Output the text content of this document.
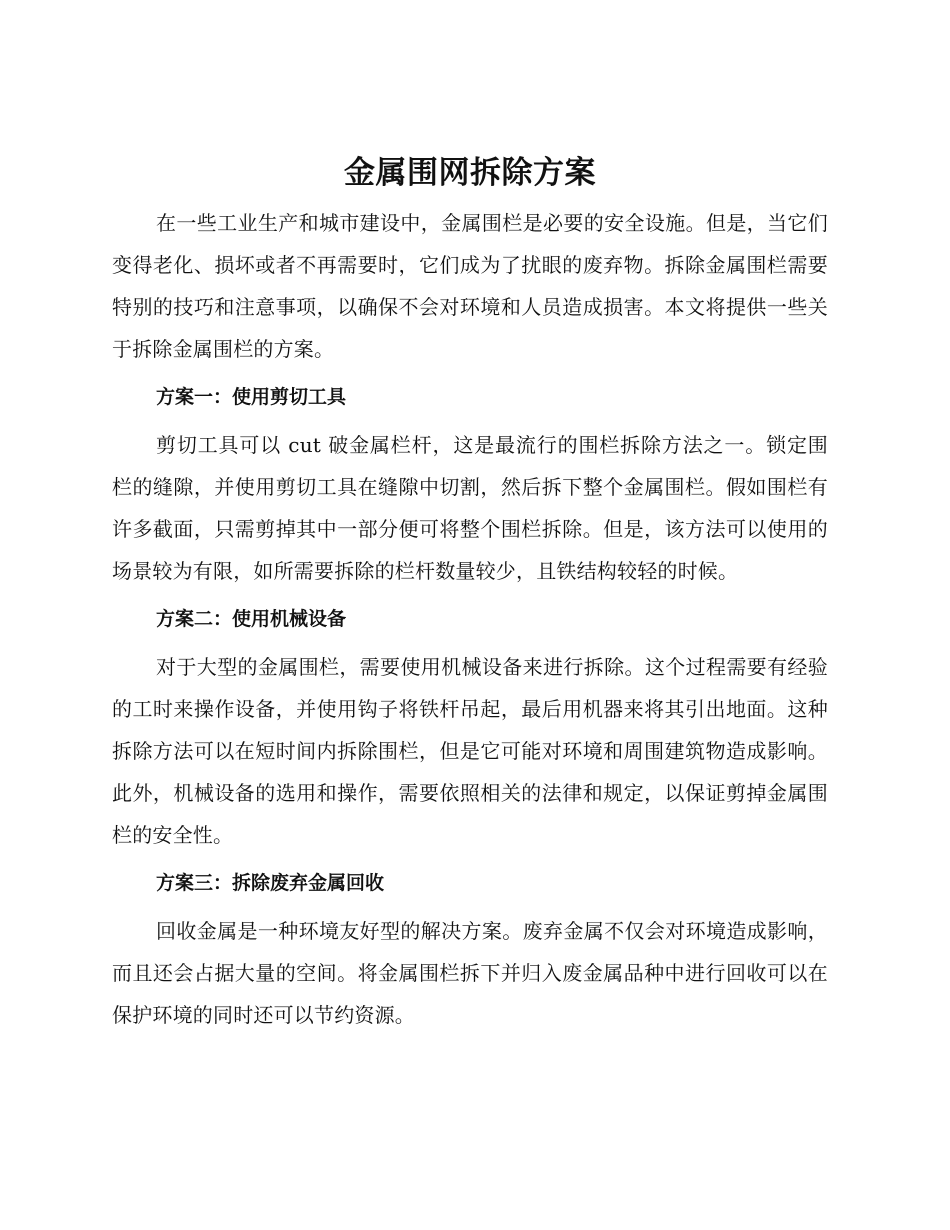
金属围网拆除方案

在一些工业生产和城市建设中，金属围栏是必要的安全设施。但是，当它们变得老化、损坏或者不再需要时，它们成为了扰眼的废弃物。拆除金属围栏需要特别的技巧和注意事项，以确保不会对环境和人员造成损害。本文将提供一些关于拆除金属围栏的方案。

方案一：使用剪切工具

剪切工具可以 cut 破金属栏杆，这是最流行的围栏拆除方法之一。锁定围栏的缝隙，并使用剪切工具在缝隙中切割，然后拆下整个金属围栏。假如围栏有许多截面，只需剪掉其中一部分便可将整个围栏拆除。但是，该方法可以使用的场景较为有限，如所需要拆除的栏杆数量较少，且铁结构较轻的时候。

方案二：使用机械设备

对于大型的金属围栏，需要使用机械设备来进行拆除。这个过程需要有经验的工时来操作设备，并使用钩子将铁杆吊起，最后用机器来将其引出地面。这种拆除方法可以在短时间内拆除围栏，但是它可能对环境和周围建筑物造成影响。此外，机械设备的选用和操作，需要依照相关的法律和规定，以保证剪掉金属围栏的安全性。

方案三：拆除废弃金属回收

回收金属是一种环境友好型的解决方案。废弃金属不仅会对环境造成影响，而且还会占据大量的空间。将金属围栏拆下并归入废金属品种中进行回收可以在保护环境的同时还可以节约资源。
